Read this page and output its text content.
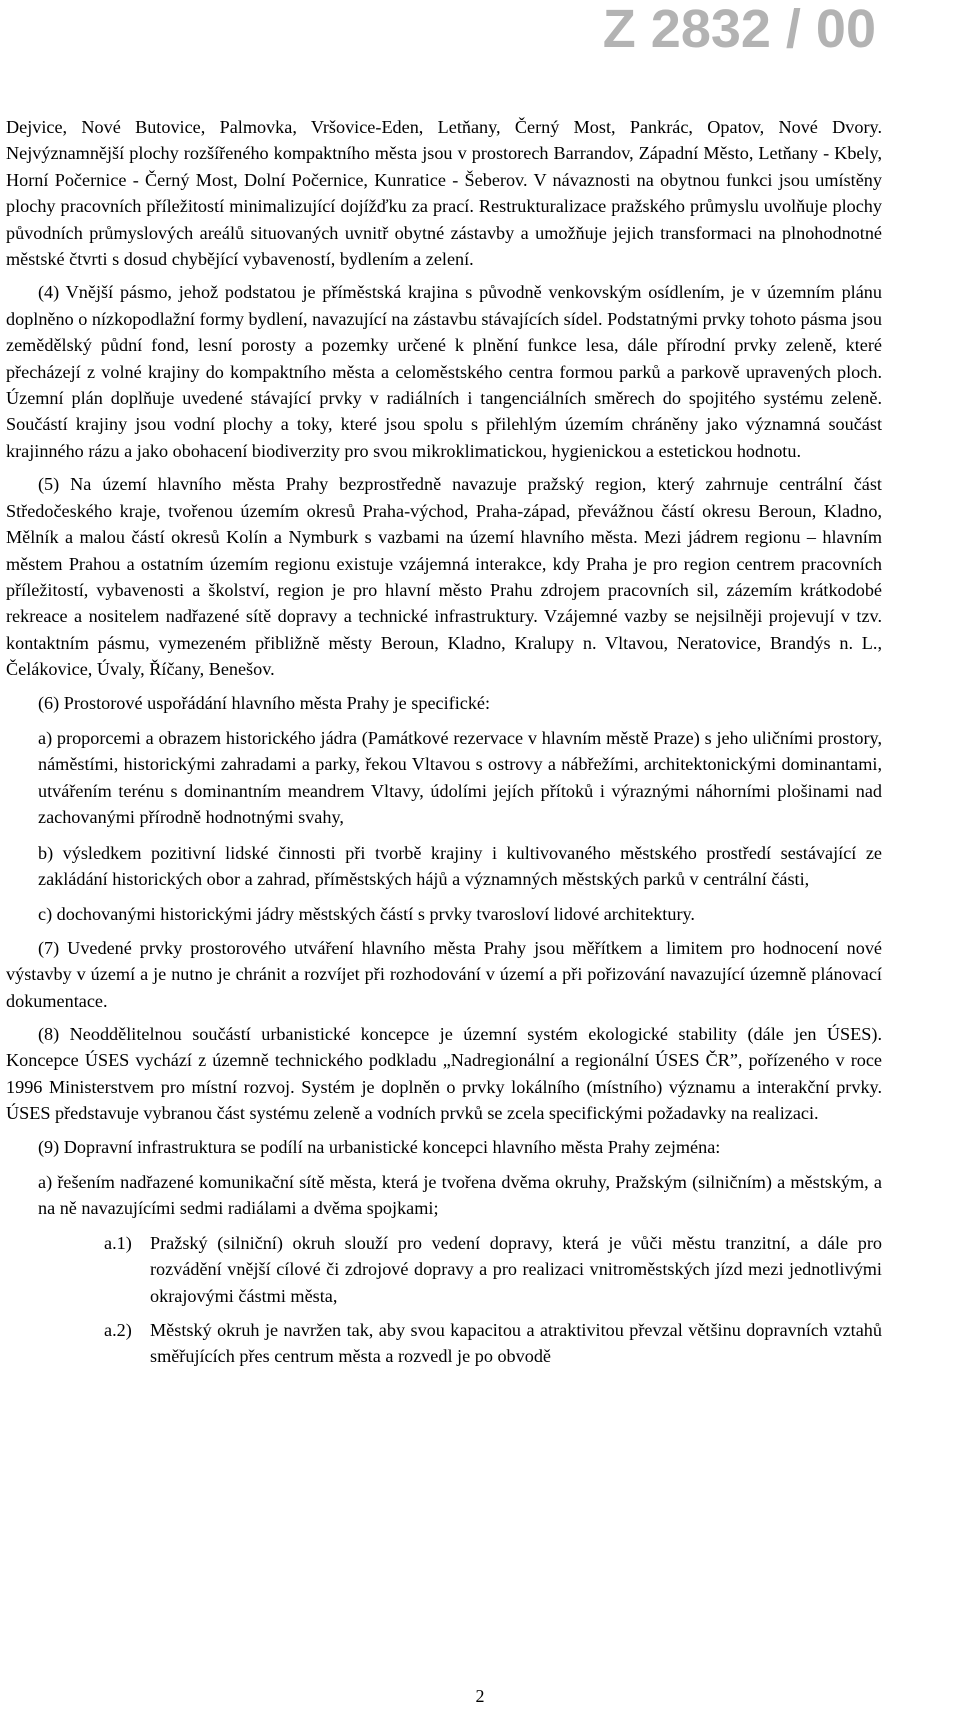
Z 2832 / 00

Dejvice, Nové Butovice, Palmovka, Vršovice-Eden, Letňany, Černý Most, Pankrác, Opatov, Nové Dvory. Nejvýznamnější plochy rozšířeného kompaktního města jsou v prostorech Barrandov, Západní Město, Letňany - Kbely, Horní Počernice - Černý Most, Dolní Počernice, Kunratice - Šeberov. V návaznosti na obytnou funkci jsou umístěny plochy pracovních příležitostí minimalizující dojížďku za prací. Restrukturalizace pražského průmyslu uvolňuje plochy původních průmyslových areálů situovaných uvnitř obytné zástavby a umožňuje jejich transformaci na plnohodnotné městské čtvrti s dosud chybějící vybaveností, bydlením a zelení.

(4) Vnější pásmo, jehož podstatou je příměstská krajina s původně venkovským osídlením, je v územním plánu doplněno o nízkopodlažní formy bydlení, navazující na zástavbu stávajících sídel. Podstatnými prvky tohoto pásma jsou zemědělský půdní fond, lesní porosty a pozemky určené k plnění funkce lesa, dále přírodní prvky zeleně, které přecházejí z volné krajiny do kompaktního města a celoměstského centra formou parků a parkově upravených ploch. Územní plán doplňuje uvedené stávající prvky v radiálních i tangenciálních směrech do spojitého systému zeleně. Součástí krajiny jsou vodní plochy a toky, které jsou spolu s přilehlým územím chráněny jako významná součást krajinného rázu a jako obohacení biodiverzity pro svou mikroklimatickou, hygienickou a estetickou hodnotu.

(5) Na území hlavního města Prahy bezprostředně navazuje pražský region, který zahrnuje centrální část Středočeského kraje, tvořenou územím okresů Praha-východ, Praha-západ, převážnou částí okresu Beroun, Kladno, Mělník a malou částí okresů Kolín a Nymburk s vazbami na území hlavního města. Mezi jádrem regionu – hlavním městem Prahou a ostatním územím regionu existuje vzájemná interakce, kdy Praha je pro region centrem pracovních příležitostí, vybavenosti a školství, region je pro hlavní město Prahu zdrojem pracovních sil, zázemím krátkodobé rekreace a nositelem nadřazené sítě dopravy a technické infrastruktury. Vzájemné vazby se nejsilněji projevují v tzv. kontaktním pásmu, vymezeném přibližně městy Beroun, Kladno, Kralupy n. Vltavou, Neratovice, Brandýs n. L., Čelákovice, Úvaly, Říčany, Benešov.

(6) Prostorové uspořádání hlavního města Prahy je specifické:

a) proporcemi a obrazem historického jádra (Památkové rezervace v hlavním městě Praze) s jeho uličními prostory, náměstími, historickými zahradami a parky, řekou Vltavou s ostrovy a nábřežími, architektonickými dominantami, utvářením terénu s dominantním meandrem Vltavy, údolími jejích přítoků i výraznými náhorními plošinami nad zachovanými přírodně hodnotnými svahy,

b) výsledkem pozitivní lidské činnosti při tvorbě krajiny i kultivovaného městského prostředí sestávající ze zakládání historických obor a zahrad, příměstských hájů a významných městských parků v centrální části,

c) dochovanými historickými jádry městských částí s prvky tvarosloví lidové architektury.

(7) Uvedené prvky prostorového utváření hlavního města Prahy jsou měřítkem a limitem pro hodnocení nové výstavby v území a je nutno je chránit a rozvíjet při rozhodování v území a při pořizování navazující územně plánovací dokumentace.

(8) Neoddělitelnou součástí urbanistické koncepce je územní systém ekologické stability (dále jen ÚSES). Koncepce ÚSES vychází z územně technického podkladu „Nadregionální a regionální ÚSES ČR”, pořízeného v roce 1996 Ministerstvem pro místní rozvoj. Systém je doplněn o prvky lokálního (místního) významu a interakční prvky. ÚSES představuje vybranou část systému zeleně a vodních prvků se zcela specifickými požadavky na realizaci.

(9) Dopravní infrastruktura se podílí na urbanistické koncepci hlavního města Prahy zejména:

a) řešením nadřazené komunikační sítě města, která je tvořena dvěma okruhy, Pražským (silničním) a městským, a na ně navazujícími sedmi radiálami a dvěma spojkami;

a.1)	Pražský (silniční) okruh slouží pro vedení dopravy, která je vůči městu tranzitní, a dále pro rozvádění vnější cílové či zdrojové dopravy a pro realizaci vnitroměstských jízd mezi jednotlivými okrajovými částmi města,
a.2)	Městský okruh je navržen tak, aby svou kapacitou a atraktivitou převzal většinu dopravních vztahů směřujících přes centrum města a rozvedl je po obvodě
2
